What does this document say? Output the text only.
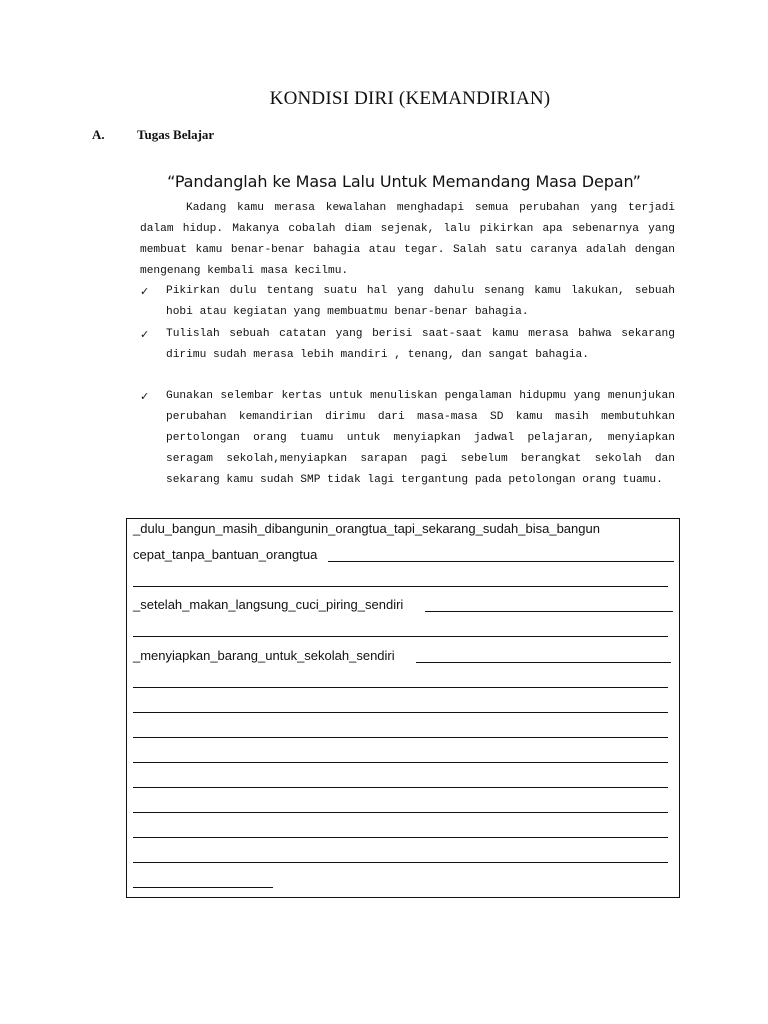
KONDISI DIRI (KEMANDIRIAN)
A. Tugas Belajar
“Pandanglah ke Masa Lalu Untuk Memandang Masa Depan”
Kadang kamu merasa kewalahan menghadapi semua perubahan yang terjadi dalam hidup. Makanya cobalah diam sejenak, lalu pikirkan apa sebenarnya yang membuat kamu benar-benar bahagia atau tegar. Salah satu caranya adalah dengan mengenang kembali masa kecilmu.
✓	Pikirkan dulu tentang suatu hal yang dahulu senang kamu lakukan, sebuah hobi atau kegiatan yang membuatmu benar-benar bahagia.
✓	Tulislah sebuah catatan yang berisi saat-saat kamu merasa bahwa sekarang dirimu sudah merasa lebih mandiri , tenang, dan sangat bahagia.
✓	Gunakan selembar kertas untuk menuliskan pengalaman hidupmu yang menunjukan perubahan kemandirian dirimu dari masa-masa SD kamu masih membutuhkan pertolongan orang tuamu untuk menyiapkan jadwal pelajaran, menyiapkan seragam sekolah,menyiapkan sarapan pagi sebelum berangkat sekolah dan sekarang kamu sudah SMP tidak lagi tergantung pada petolongan orang tuamu.
_dulu_bangun_masih_dibangunin_orangtua_tapi_sekarang_sudah_bisa_bangun
cepat_tanpa_bantuan_orangtua
_setelah_makan_langsung_cuci_piring_sendiri
_menyiapkan_barang_untuk_sekolah_sendiri
